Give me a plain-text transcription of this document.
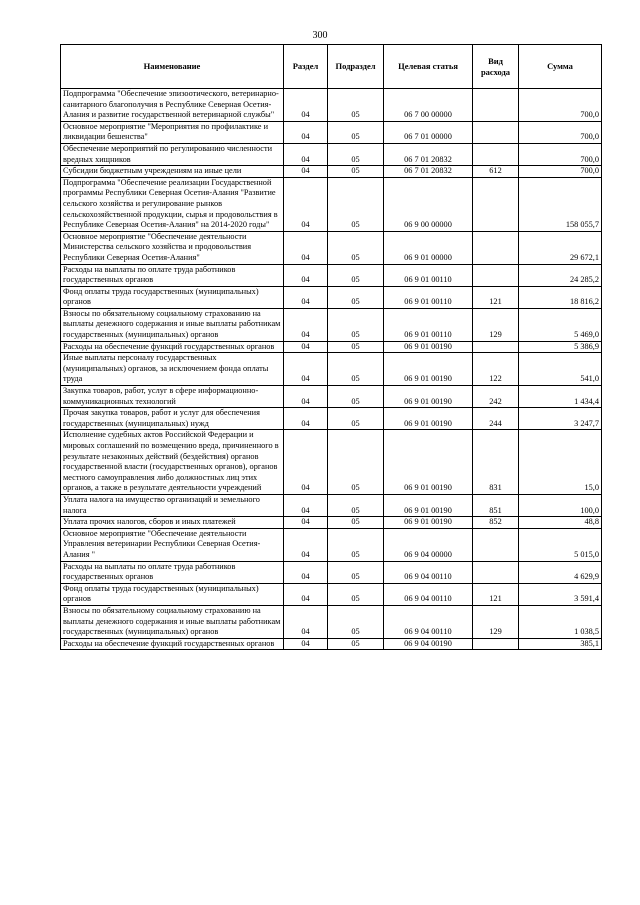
300
Наименование	Раздел	Подраздел	Целевая статья	Вид расхода	Сумма
Подпрограмма "Обеспечение эпизоотического, ветеринарно-санитарного благополучия в Республике Северная Осетия-Алания и развитие государственной ветеринарной службы"	04	05	06 7 00 00000		700,0
Основное мероприятие "Мероприятия по профилактике и ликвидации бешенства"	04	05	06 7 01 00000		700,0
Обеспечение мероприятий по регулированию численности вредных хищников	04	05	06 7 01 20832		700,0
Субсидии бюджетным учреждениям на иные цели	04	05	06 7 01 20832	612	700,0
Подпрограмма "Обеспечение реализации Государственной программы Республики Северная Осетия-Алания "Развитие сельского хозяйства и регулирование рынков сельскохозяйственной продукции, сырья и продовольствия в Республике Северная Осетия-Алания" на 2014-2020 годы"	04	05	06 9 00 00000		158 055,7
Основное мероприятие "Обеспечение деятельности Министерства сельского хозяйства и продовольствия Республики Северная Осетия-Алания"	04	05	06 9 01 00000		29 672,1
Расходы на выплаты по оплате труда работников государственных органов	04	05	06 9 01 00110		24 285,2
Фонд оплаты труда государственных (муниципальных) органов	04	05	06 9 01 00110	121	18 816,2
Взносы по обязательному социальному страхованию на выплаты денежного содержания и иные выплаты работникам государственных (муниципальных) органов	04	05	06 9 01 00110	129	5 469,0
Расходы на обеспечение функций государственных органов	04	05	06 9 01 00190		5 386,9
Иные выплаты персоналу государственных (муниципальных) органов, за исключением фонда оплаты труда	04	05	06 9 01 00190	122	541,0
Закупка товаров, работ, услуг в сфере информационно-коммуникационных технологий	04	05	06 9 01 00190	242	1 434,4
Прочая закупка товаров, работ и услуг для обеспечения государственных (муниципальных) нужд	04	05	06 9 01 00190	244	3 247,7
Исполнение судебных актов Российской Федерации и мировых соглашений по возмещению вреда, причиненного в результате незаконных действий (бездействия) органов государственной власти (государственных органов), органов местного самоуправления либо должностных лиц этих органов, а также в результате деятельности учреждений	04	05	06 9 01 00190	831	15,0
Уплата налога на имущество организаций и земельного налога	04	05	06 9 01 00190	851	100,0
Уплата прочих налогов, сборов и иных платежей	04	05	06 9 01 00190	852	48,8
Основное мероприятие "Обеспечение деятельности Управления ветеринарии Республики Северная Осетия-Алания "	04	05	06 9 04 00000		5 015,0
Расходы на выплаты по оплате труда работников государственных органов	04	05	06 9 04 00110		4 629,9
Фонд оплаты труда государственных (муниципальных) органов	04	05	06 9 04 00110	121	3 591,4
Взносы по обязательному социальному страхованию на выплаты денежного содержания и иные выплаты работникам государственных (муниципальных) органов	04	05	06 9 04 00110	129	1 038,5
Расходы на обеспечение функций государственных органов	04	05	06 9 04 00190		385,1
